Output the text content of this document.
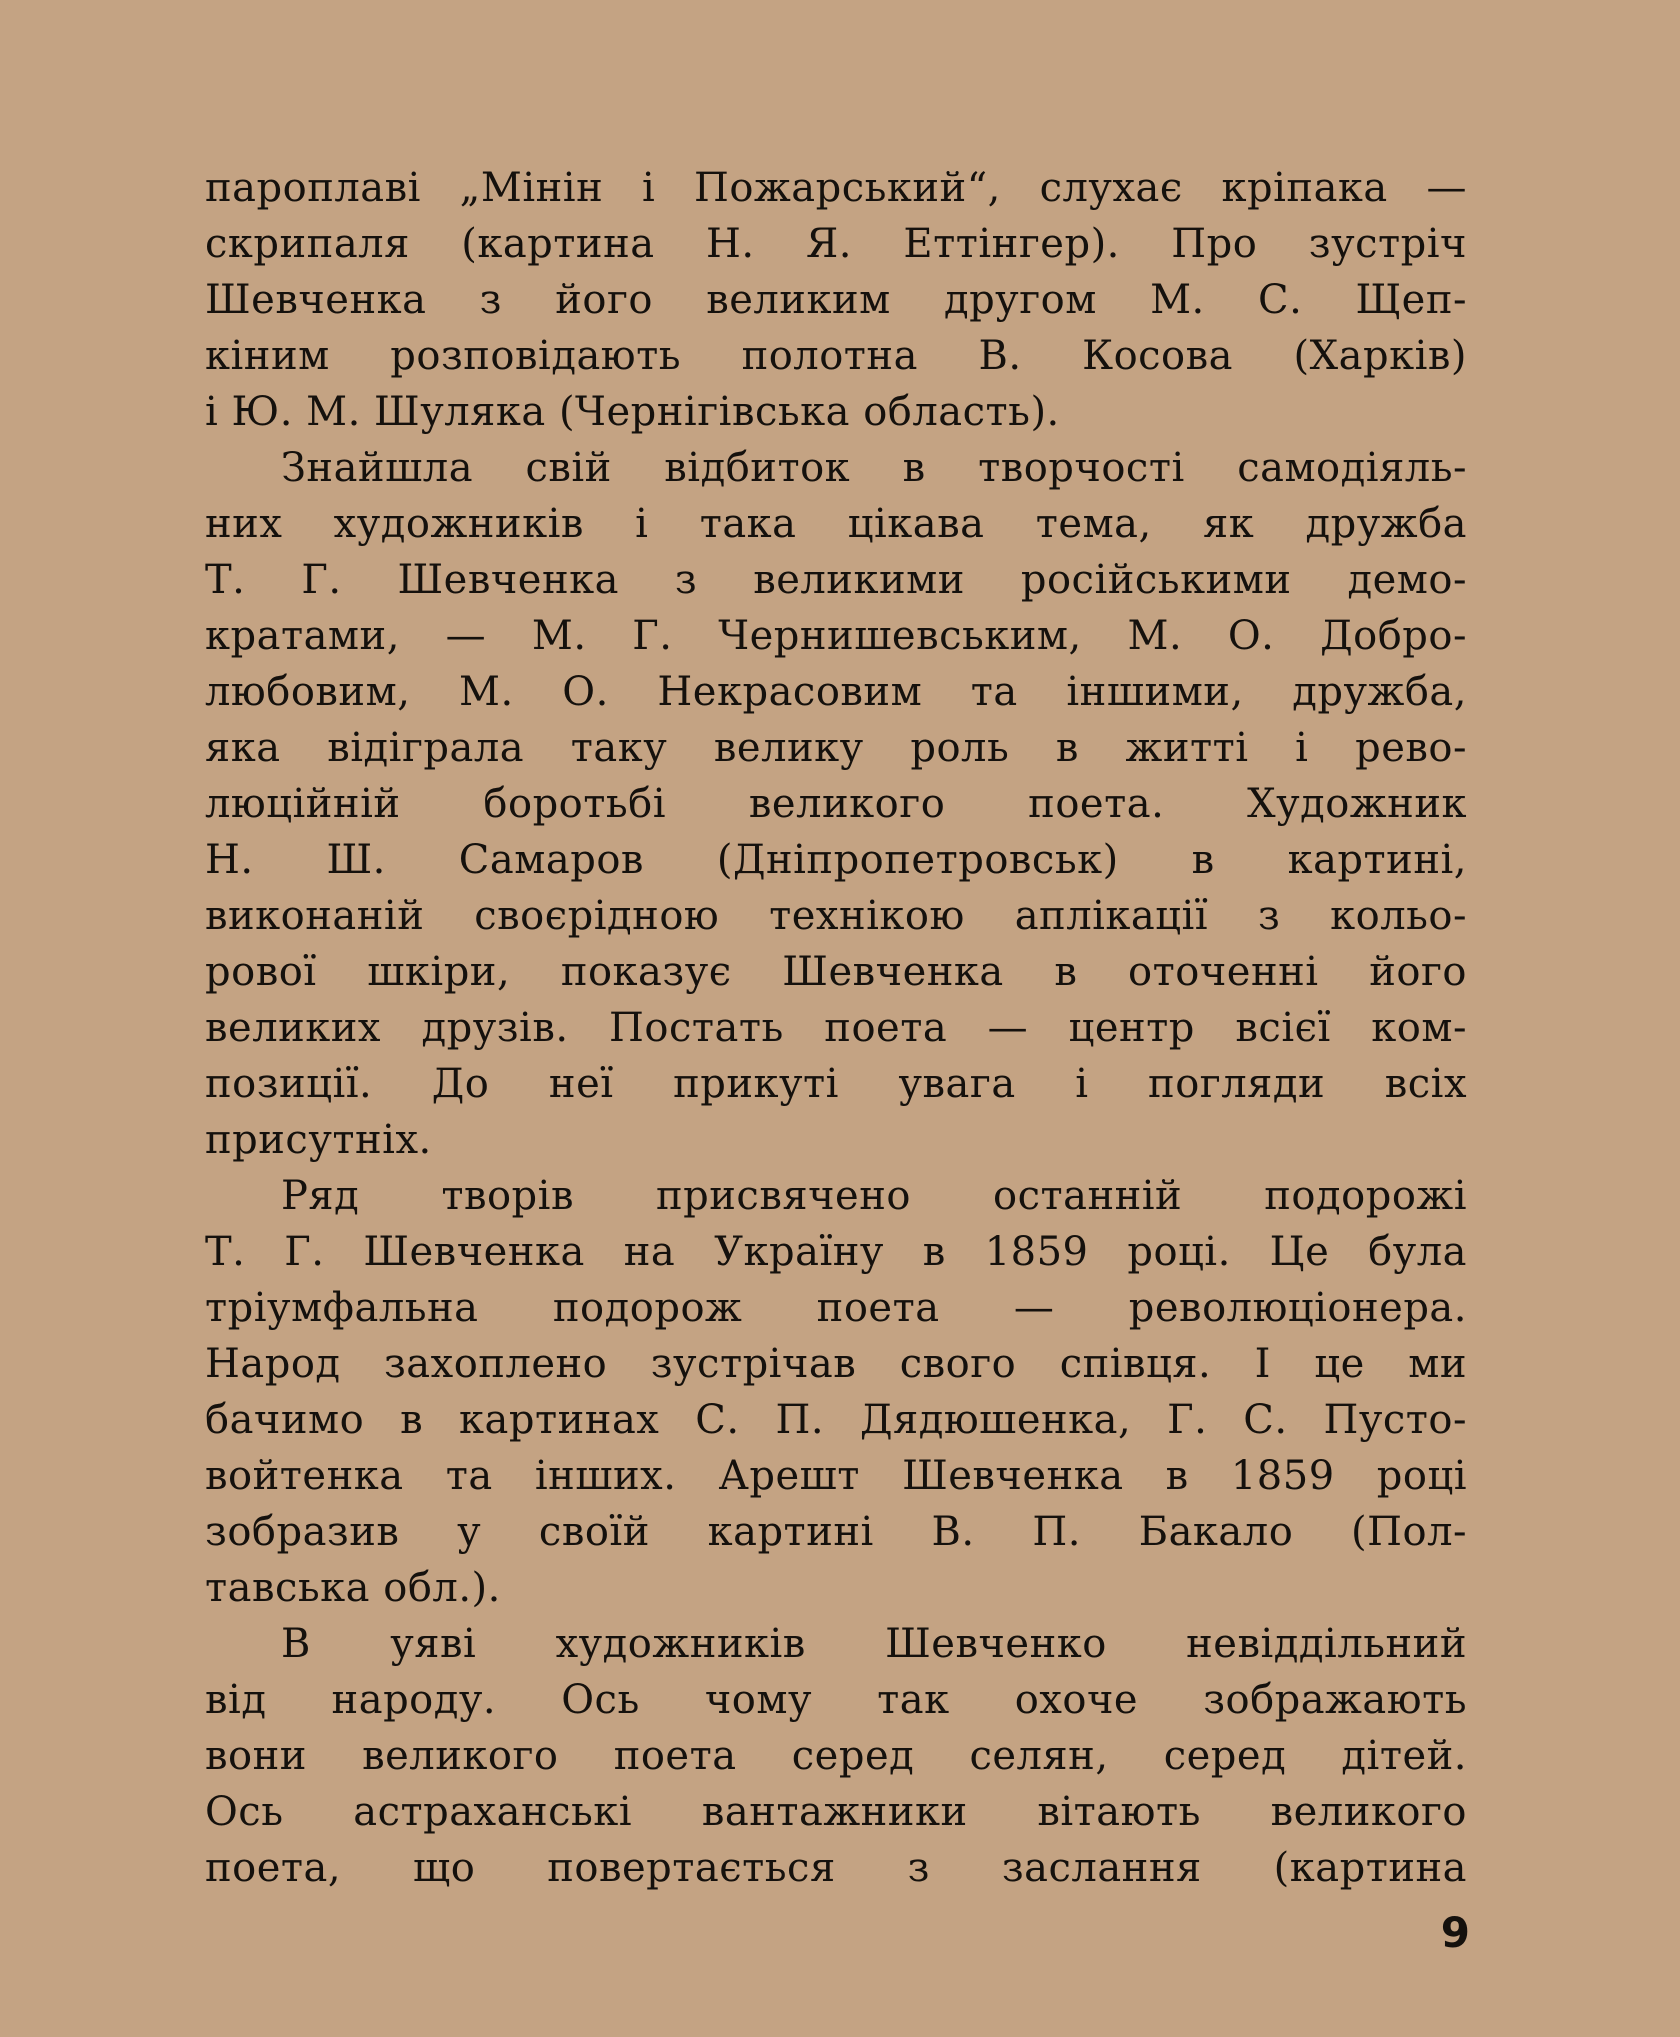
пароплаві „Мінін і Пожарський“, слухає кріпака —
скрипаля (картина Н. Я. Еттінгер). Про зустріч
Шевченка з його великим другом М. С. Щеп-
кіним розповідають полотна В. Косова (Харків)
і Ю. М. Шуляка (Чернігівська область).

Знайшла свій відбиток в творчості самодіяль-
них художників і така цікава тема, як дружба
Т. Г. Шевченка з великими російськими демо-
кратами, — М. Г. Чернишевським, М. О. Добро-
любовим, М. О. Некрасовим та іншими, дружба,
яка відіграла таку велику роль в житті і рево-
люційній боротьбі великого поета. Художник
Н. Ш. Самаров (Дніпропетровськ) в картині,
виконаній своєрідною технікою аплікації з кольо-
рової шкіри, показує Шевченка в оточенні його
великих друзів. Постать поета — центр всієї ком-
позиції. До неї прикуті увага і погляди всіх
присутніх.

Ряд творів присвячено останній подорожі
Т. Г. Шевченка на Україну в 1859 році. Це була
тріумфальна подорож поета — революціонера.
Народ захоплено зустрічав свого співця. І це ми
бачимо в картинах С. П. Дядюшенка, Г. С. Пусто-
войтенка та інших. Арешт Шевченка в 1859 році
зобразив у своїй картині В. П. Бакало (Пол-
тавська обл.).

В уяві художників Шевченко невіддільний
від народу. Ось чому так охоче зображають
вони великого поета серед селян, серед дітей.
Ось астраханські вантажники вітають великого
поета, що повертається з заслання (картина

9
